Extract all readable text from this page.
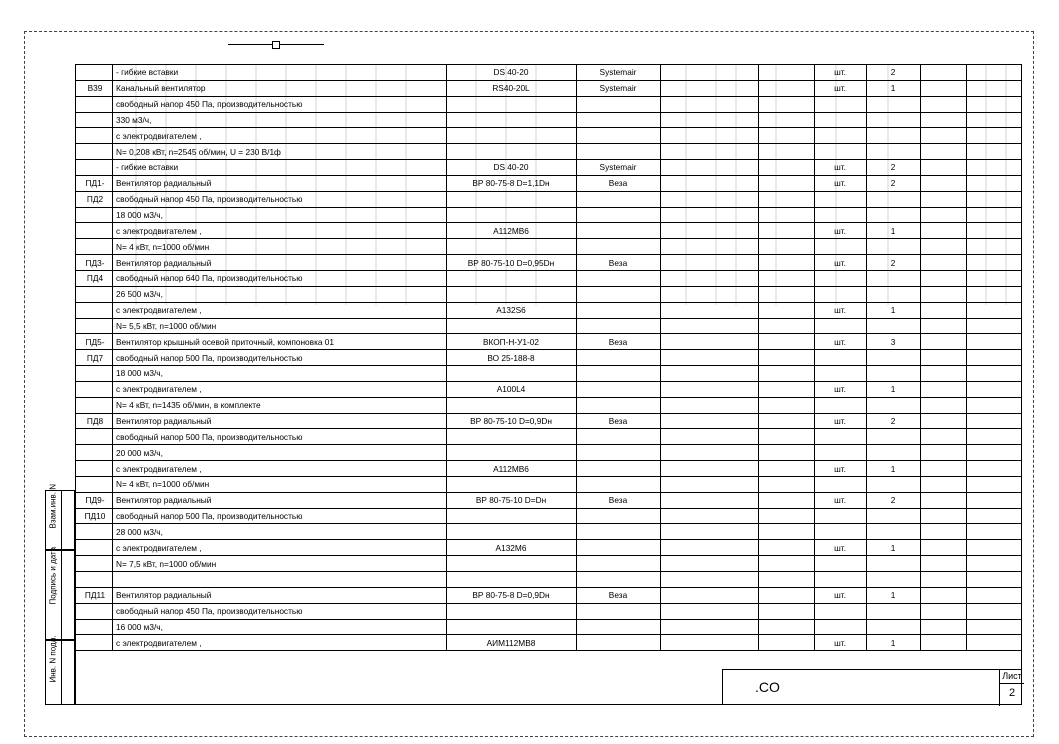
- гибкие вставки	DS 40-20	Systemair	шт.	2
В39	Канальный вентилятор	RS40-20L	Systemair	шт.	1
свободный напор 450 Па, производительностью
330 м3/ч,
с электродвигателем ,
N= 0,208 кВт, n=2545 об/мин, U = 230 В/1ф
- гибкие вставки	DS 40-20	Systemair	шт.	2
ПД1-	Вентилятор радиальный	ВР 80-75-8 D=1,1Dн	Веза	шт.	2
ПД2	свободный напор 450 Па, производительностью
18 000 м3/ч,
с электродвигателем ,	А112МВ6	шт.	1
N= 4 кВт, n=1000 об/мин
ПД3-	Вентилятор радиальный	ВР 80-75-10 D=0,95Dн	Веза	шт.	2
ПД4	свободный напор 640 Па, производительностью
26 500 м3/ч,
с электродвигателем ,	А132S6	шт.	1
N= 5,5 кВт, n=1000 об/мин
ПД5-	Вентилятор крышный осевой приточный, компоновка 01	ВКОП-Н-У1-02	Веза	шт.	3
ПД7	свободный напор 500 Па, производительностью	ВО 25-188-8
18 000 м3/ч,
с электродвигателем ,	А100L4	шт.	1
N= 4 кВт, n=1435 об/мин, в комплекте
ПД8	Вентилятор радиальный	ВР 80-75-10 D=0,9Dн	Веза	шт.	2
свободный напор 500 Па, производительностью
20 000 м3/ч,
с электродвигателем ,	А112МВ6	шт.	1
N= 4 кВт, n=1000 об/мин
ПД9-	Вентилятор радиальный	ВР 80-75-10 D=Dн	Веза	шт.	2
ПД10	свободный напор 500 Па, производительностью
28 000 м3/ч,
с электродвигателем ,	А132М6	шт.	1
N= 7,5 кВт, n=1000 об/мин
ПД11	Вентилятор радиальный	ВР 80-75-8 D=0,9Dн	Веза	шт.	1
свободный напор 450 Па, производительностью
16 000 м3/ч,
с электродвигателем ,	АИМ112МВ8	шт.	1
Взам.инв. N
Подпись и дата
Инв. N подл.
.CO
Лист
2
